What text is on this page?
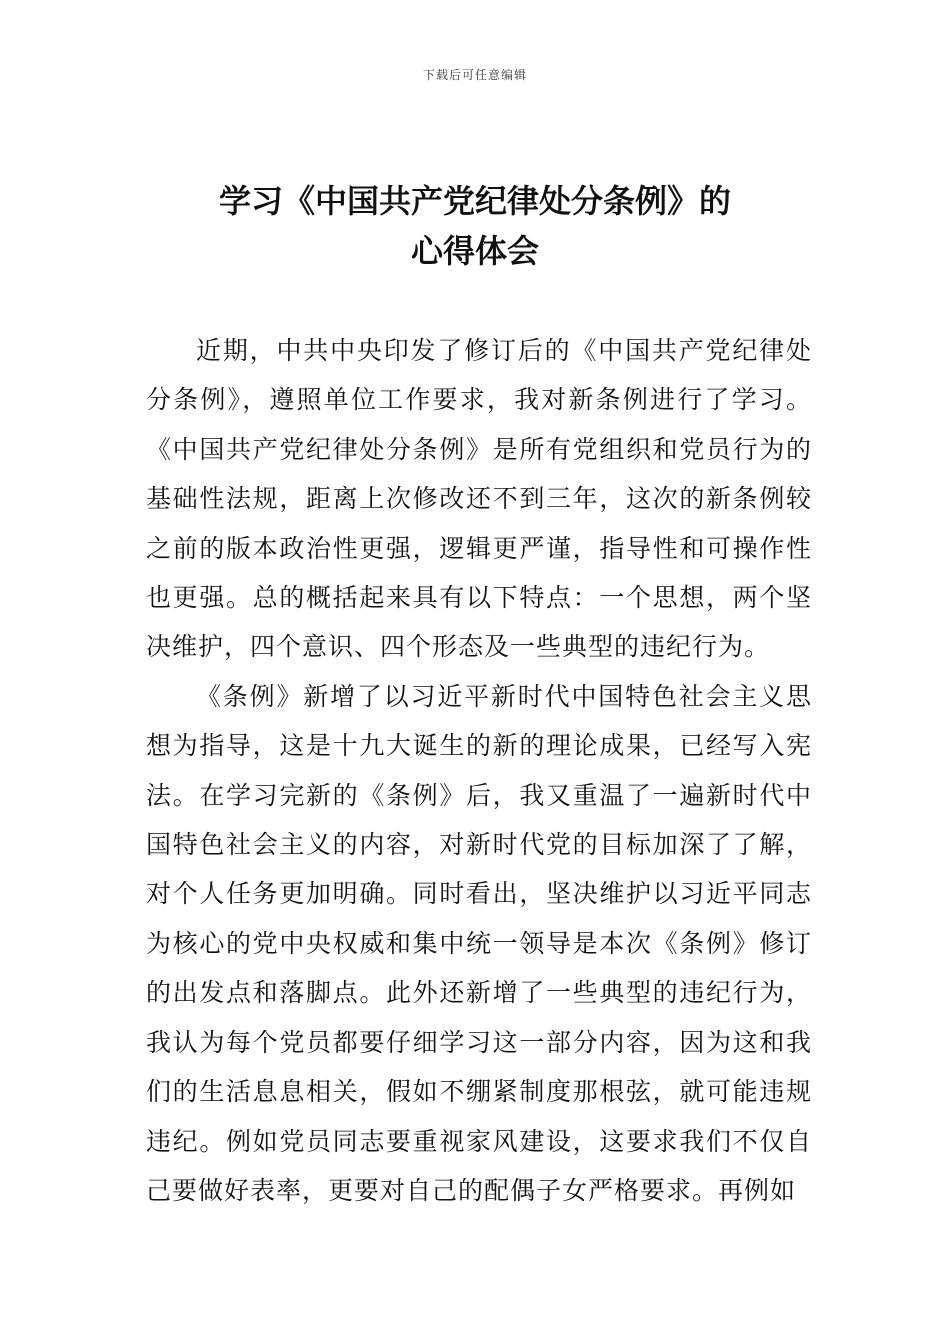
下载后可任意编辑
学习《中国共产党纪律处分条例》的
心得体会

近期，中共中央印发了修订后的《中国共产党纪律处分条例》，遵照单位工作要求，我对新条例进行了学习。《中国共产党纪律处分条例》是所有党组织和党员行为的基础性法规，距离上次修改还不到三年，这次的新条例较之前的版本政治性更强，逻辑更严谨，指导性和可操作性也更强。总的概括起来具有以下特点：一个思想，两个坚决维护，四个意识、四个形态及一些典型的违纪行为。

《条例》新增了以习近平新时代中国特色社会主义思想为指导，这是十九大诞生的新的理论成果，已经写入宪法。在学习完新的《条例》后，我又重温了一遍新时代中国特色社会主义的内容，对新时代党的目标加深了了解，对个人任务更加明确。同时看出，坚决维护以习近平同志为核心的党中央权威和集中统一领导是本次《条例》修订的出发点和落脚点。此外还新增了一些典型的违纪行为，我认为每个党员都要仔细学习这一部分内容，因为这和我们的生活息息相关，假如不绷紧制度那根弦，就可能违规违纪。例如党员同志要重视家风建设，这要求我们不仅自己要做好表率，更要对自己的配偶子女严格要求。再例如
